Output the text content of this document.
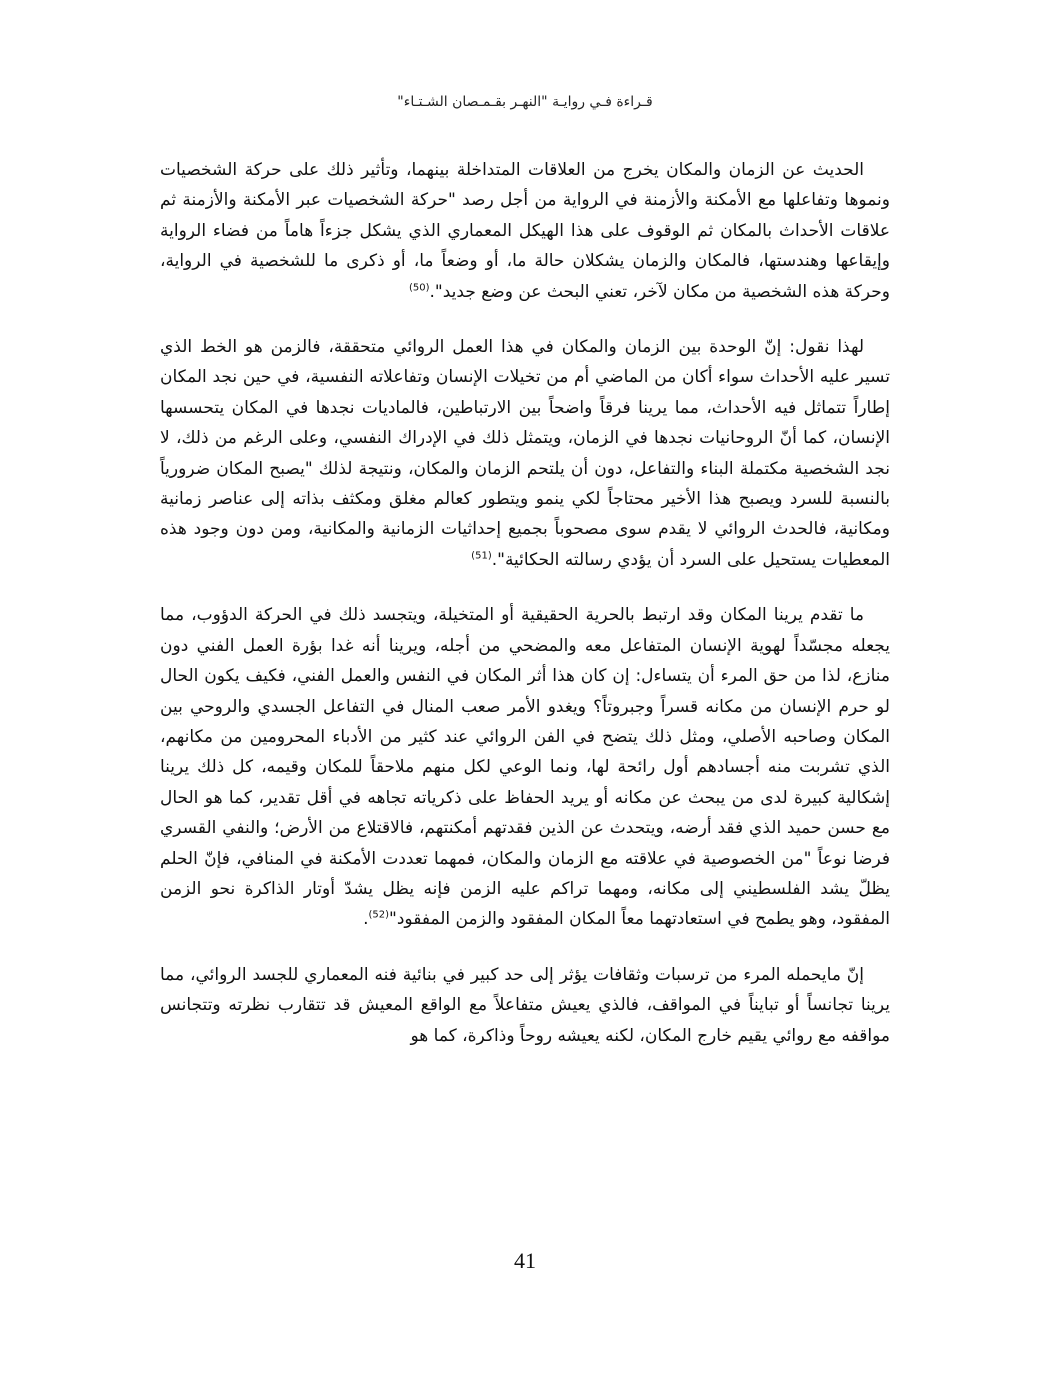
قـراءة فـي روايـة "النهـر بقـمـصان الشـتـاء"

الحديث عن الزمان والمكان يخرج من العلاقات المتداخلة بينهما، وتأثير ذلك على حركة الشخصيات ونموها وتفاعلها مع الأمكنة والأزمنة في الرواية من أجل رصد "حركة الشخصيات عبر الأمكنة والأزمنة ثم علاقات الأحداث بالمكان ثم الوقوف على هذا الهيكل المعماري الذي يشكل جزءاً هاماً من فضاء الرواية وإيقاعها وهندستها، فالمكان والزمان يشكلان حالة ما، أو وضعاً ما، أو ذكرى ما للشخصية في الرواية، وحركة هذه الشخصية من مكان لآخر، تعني البحث عن وضع جديد".$^{(50)}$

لهذا نقول: إنّ الوحدة بين الزمان والمكان في هذا العمل الروائي متحققة، فالزمن هو الخط الذي تسير عليه الأحداث سواء أكان من الماضي أم من تخيلات الإنسان وتفاعلاته النفسية، في حين نجد المكان إطاراً تتماثل فيه الأحداث، مما يرينا فرقاً واضحاً بين الارتباطين، فالماديات نجدها في المكان يتحسسها الإنسان، كما أنّ الروحانيات نجدها في الزمان، ويتمثل ذلك في الإدراك النفسي، وعلى الرغم من ذلك، لا نجد الشخصية مكتملة البناء والتفاعل، دون أن يلتحم الزمان والمكان، ونتيجة لذلك "يصبح المكان ضرورياً بالنسبة للسرد ويصبح هذا الأخير محتاجاً لكي ينمو ويتطور كعالم مغلق ومكثف بذاته إلى عناصر زمانية ومكانية، فالحدث الروائي لا يقدم سوى مصحوباً بجميع إحداثيات الزمانية والمكانية، ومن دون وجود هذه المعطيات يستحيل على السرد أن يؤدي رسالته الحكائية".$^{(51)}$

ما تقدم يرينا المكان وقد ارتبط بالحرية الحقيقية أو المتخيلة، ويتجسد ذلك في الحركة الدؤوب، مما يجعله مجسّداً لهوية الإنسان المتفاعل معه والمضحي من أجله، ويرينا أنه غدا بؤرة العمل الفني دون منازع، لذا من حق المرء أن يتساءل: إن كان هذا أثر المكان في النفس والعمل الفني، فكيف يكون الحال لو حرم الإنسان من مكانه قسراً وجبروتاً؟ ويغدو الأمر صعب المنال في التفاعل الجسدي والروحي بين المكان وصاحبه الأصلي، ومثل ذلك يتضح في الفن الروائي عند كثير من الأدباء المحرومين من مكانهم، الذي تشربت منه أجسادهم أول رائحة لها، ونما الوعي لكل منهم ملاحقاً للمكان وقيمه، كل ذلك يرينا إشكالية كبيرة لدى من يبحث عن مكانه أو يريد الحفاظ على ذكرياته تجاهه في أقل تقدير، كما هو الحال مع حسن حميد الذي فقد أرضه، ويتحدث عن الذين فقدتهم أمكنتهم، فالاقتلاع من الأرض؛ والنفي القسري فرضا نوعاً "من الخصوصية في علاقته مع الزمان والمكان، فمهما تعددت الأمكنة في المنافي، فإنّ الحلم يظلّ يشد الفلسطيني إلى مكانه، ومهما تراكم عليه الزمن فإنه يظل يشدّ أوتار الذاكرة نحو الزمن المفقود، وهو يطمح في استعادتهما معاً المكان المفقود والزمن المفقود"$^{(52)}$.

إنّ مايحمله المرء من ترسبات وثقافات يؤثر إلى حد كبير في بنائية فنه المعماري للجسد الروائي، مما يرينا تجانساً أو تبايناً في المواقف، فالذي يعيش متفاعلاً مع الواقع المعيش قد تتقارب نظرته وتتجانس مواقفه مع روائي يقيم خارج المكان، لكنه يعيشه روحاً وذاكرة، كما هو

41
